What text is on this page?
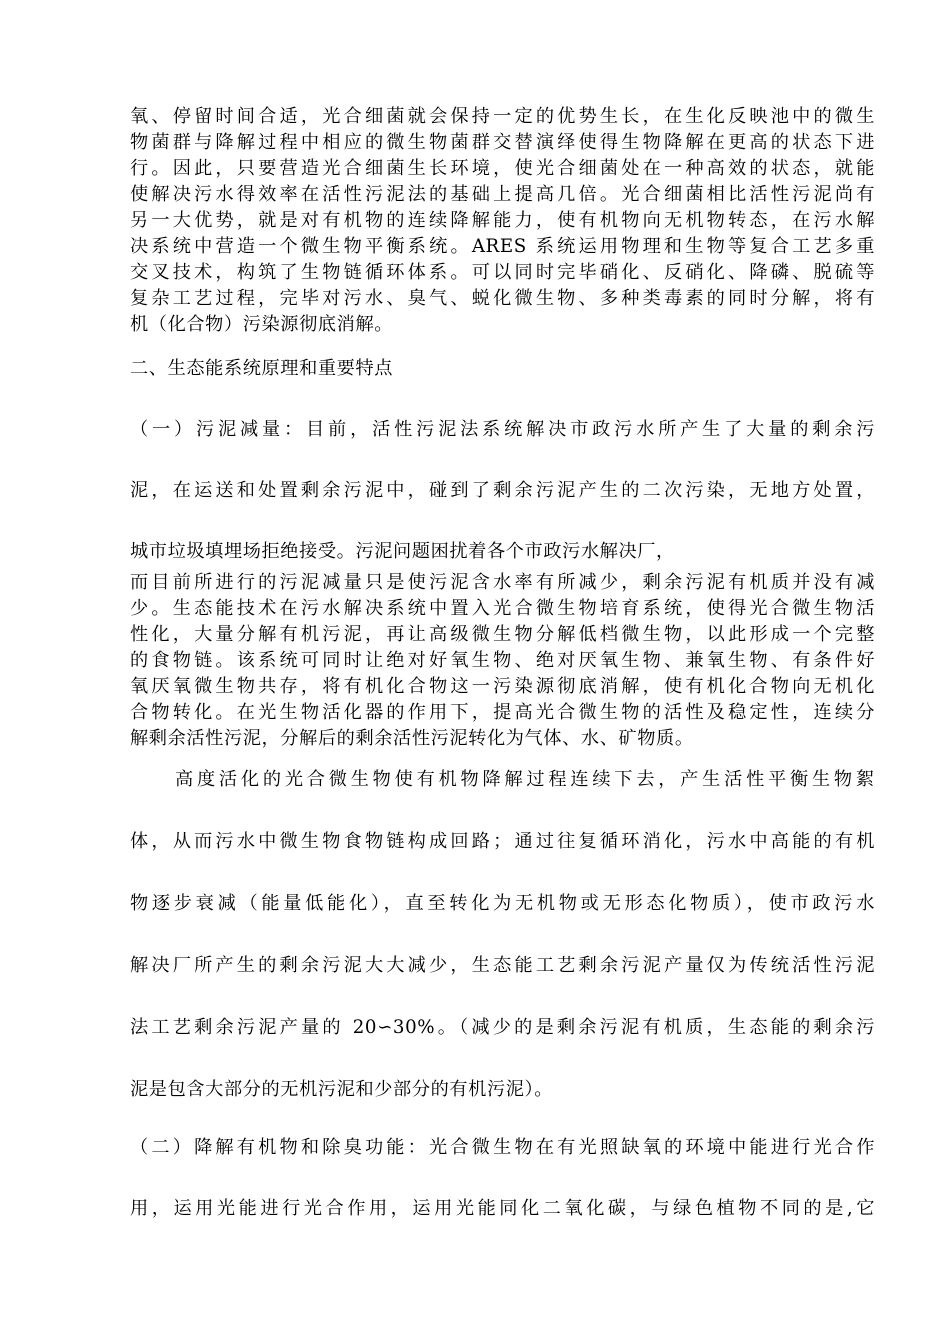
氧、停留时间合适，光合细菌就会保持一定的优势生长，在生化反映池中的微生
物菌群与降解过程中相应的微生物菌群交替演绎使得生物降解在更高的状态下进
行。因此，只要营造光合细菌生长环境，使光合细菌处在一种高效的状态，就能
使解决污水得效率在活性污泥法的基础上提高几倍。光合细菌相比活性污泥尚有
另一大优势，就是对有机物的连续降解能力，使有机物向无机物转态，在污水解
决系统中营造一个微生物平衡系统。ARES 系统运用物理和生物等复合工艺多重
交叉技术，构筑了生物链循环体系。可以同时完毕硝化、反硝化、降磷、脱硫等
复杂工艺过程，完毕对污水、臭气、蜕化微生物、多种类毒素的同时分解，将有
机（化合物）污染源彻底消解。
二、生态能系统原理和重要特点
（一）污泥减量：目前，活性污泥法系统解决市政污水所产生了大量的剩余污
泥，在运送和处置剩余污泥中，碰到了剩余污泥产生的二次污染，无地方处置，
城市垃圾填埋场拒绝接受。污泥问题困扰着各个市政污水解决厂，
而目前所进行的污泥减量只是使污泥含水率有所减少，剩余污泥有机质并没有减
少。生态能技术在污水解决系统中置入光合微生物培育系统，使得光合微生物活
性化，大量分解有机污泥，再让高级微生物分解低档微生物，以此形成一个完整
的食物链。该系统可同时让绝对好氧生物、绝对厌氧生物、兼氧生物、有条件好
氧厌氧微生物共存，将有机化合物这一污染源彻底消解，使有机化合物向无机化
合物转化。在光生物活化器的作用下，提高光合微生物的活性及稳定性，连续分
解剩余活性污泥，分解后的剩余活性污泥转化为气体、水、矿物质。
高度活化的光合微生物使有机物降解过程连续下去，产生活性平衡生物絮
体，从而污水中微生物食物链构成回路；通过往复循环消化，污水中高能的有机
物逐步衰减（能量低能化），直至转化为无机物或无形态化物质），使市政污水
解决厂所产生的剩余污泥大大减少，生态能工艺剩余污泥产量仅为传统活性污泥
法工艺剩余污泥产量的 20∽30%。（减少的是剩余污泥有机质，生态能的剩余污
泥是包含大部分的无机污泥和少部分的有机污泥）。
（二）降解有机物和除臭功能：光合微生物在有光照缺氧的环境中能进行光合作
用，运用光能进行光合作用，运用光能同化二氧化碳，与绿色植物不同的是,它
